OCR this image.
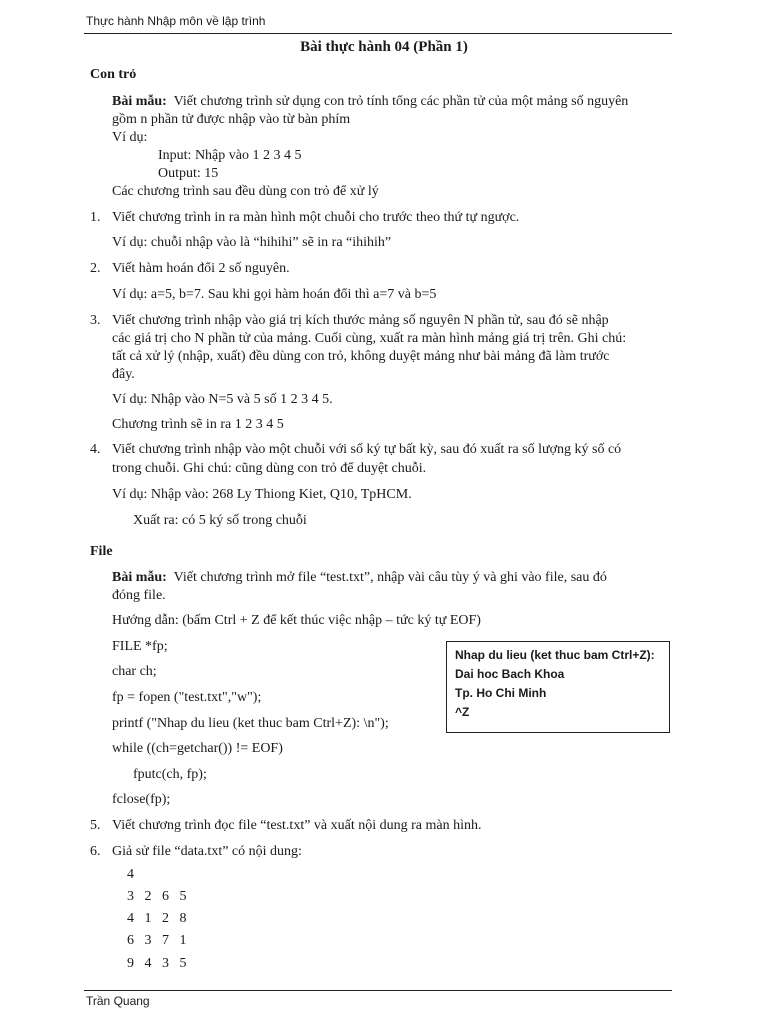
Thực hành Nhập môn về lập trình
Bài thực hành 04 (Phần 1)
Con trỏ
Bài mẫu: Viết chương trình sử dụng con trỏ tính tổng các phần tử của một mảng số nguyên
gồm n phần tử được nhập vào từ bàn phím
Ví dụ:
Input: Nhập vào 1 2 3 4 5
Output: 15
Các chương trình sau đều dùng con trỏ để xử lý
1. Viết chương trình in ra màn hình một chuỗi cho trước theo thứ tự ngược.
Ví dụ: chuỗi nhập vào là “hihihi” sẽ in ra “ihihih”
2. Viết hàm hoán đổi 2 số nguyên.
Ví dụ: a=5, b=7. Sau khi gọi hàm hoán đổi thì a=7 và b=5
3. Viết chương trình nhập vào giá trị kích thước mảng số nguyên N phần tử, sau đó sẽ nhập
các giá trị cho N phần tử của mảng. Cuối cùng, xuất ra màn hình mảng giá trị trên. Ghi chú:
tất cả xử lý (nhập, xuất) đều dùng con trỏ, không duyệt mảng như bài mảng đã làm trước
đây.
Ví dụ: Nhập vào N=5 và 5 số 1 2 3 4 5.
Chương trình sẽ in ra 1 2 3 4 5
4. Viết chương trình nhập vào một chuỗi với số ký tự bất kỳ, sau đó xuất ra số lượng ký số có
trong chuỗi. Ghi chú: cũng dùng con trỏ để duyệt chuỗi.
Ví dụ: Nhập vào: 268 Ly Thiong Kiet, Q10, TpHCM.
Xuất ra: có 5 ký số trong chuỗi
File
Bài mẫu: Viết chương trình mở file “test.txt”, nhập vài câu tùy ý và ghi vào file, sau đó
đóng file.
Hướng dẫn: (bấm Ctrl + Z để kết thúc việc nhập – tức ký tự EOF)
FILE *fp;
char ch;
fp = fopen ("test.txt","w");
printf ("Nhap du lieu (ket thuc bam Ctrl+Z): \n");
while ((ch=getchar()) != EOF)
fputc(ch, fp);
fclose(fp);
Nhap du lieu (ket thuc bam Ctrl+Z):
Dai hoc Bach Khoa
Tp. Ho Chi Minh
^Z
5. Viết chương trình đọc file “test.txt” và xuất nội dung ra màn hình.
6. Giả sử file “data.txt” có nội dung:
4
3   2   6   5
4   1   2   8
6   3   7   1
9   4   3   5
Trần Quang
